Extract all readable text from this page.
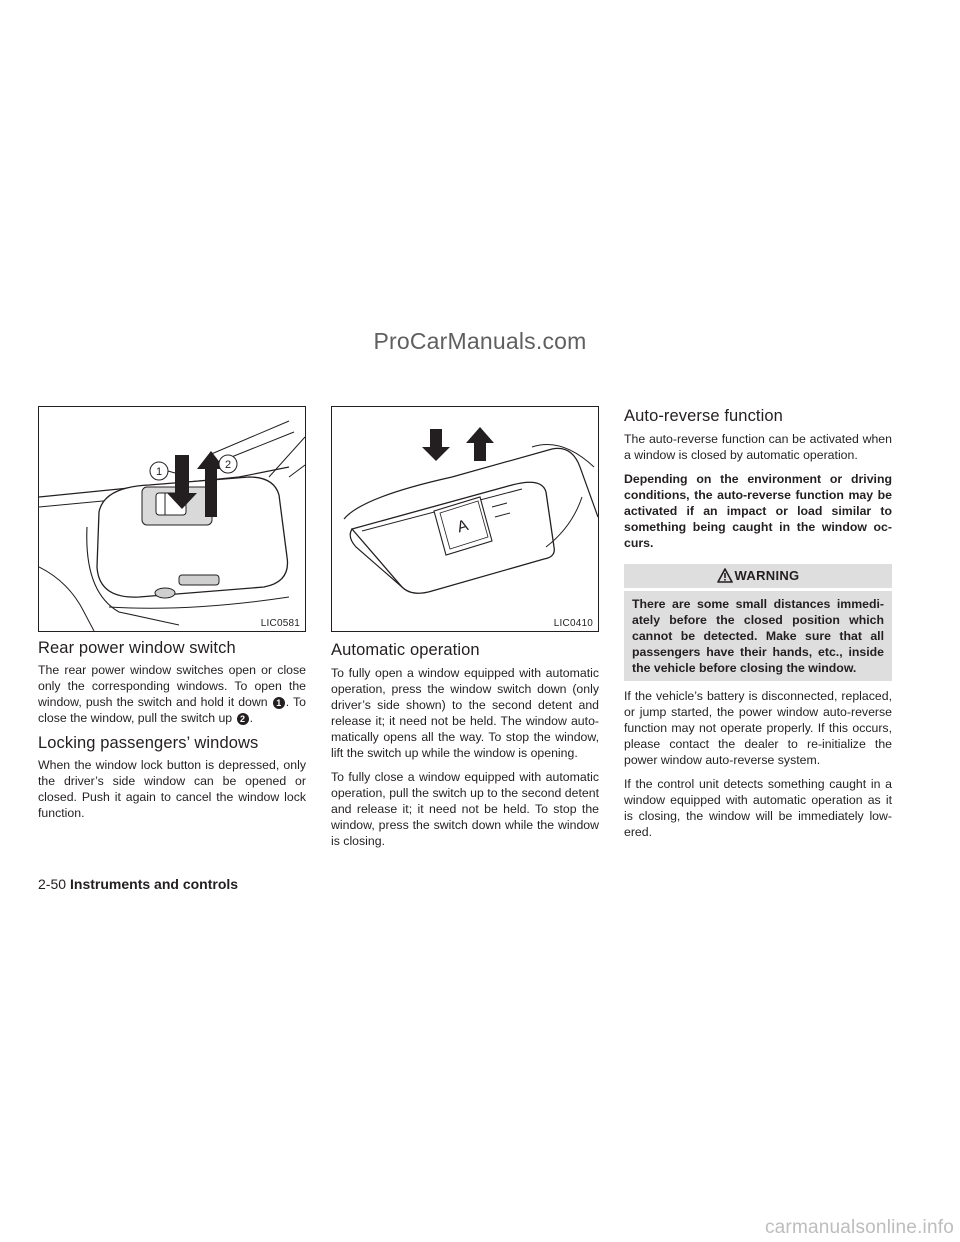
ProCarManuals.com
1
2
LIC0581
Rear power window switch

The rear power window switches open or close only the corresponding windows. To open the window, push the switch and hold it down 1 . To close the window, pull the switch up 2 .

Locking passengers’ windows

When the window lock button is depressed, only the driver’s side window can be opened or closed. Push it again to cancel the window lock function.

A
LIC0410
Automatic operation

To fully open a window equipped with automatic operation, press the window switch down (only driver’s side shown) to the second detent and release it; it need not be held. The window auto-matically opens all the way. To stop the window, lift the switch up while the window is opening.

To fully close a window equipped with automatic operation, pull the switch up to the second detent and release it; it need not be held. To stop the window, press the switch down while the window is closing.

Auto-reverse function

The auto-reverse function can be activated when a window is closed by automatic operation.

Depending on the environment or driving conditions, the auto-reverse function may be activated if an impact or load similar to something being caught in the window oc-curs.

WARNING
There are some small distances immedi-ately before the closed position which cannot be detected. Make sure that all passengers have their hands, etc., inside the vehicle before closing the window.

If the vehicle’s battery is disconnected, replaced, or jump started, the power window auto-reverse function may not operate properly. If this occurs, please contact the dealer to re-initialize the power window auto-reverse system.

If the control unit detects something caught in a window equipped with automatic operation as it is closing, the window will be immediately low-ered.

2-50 Instruments and controls
carmanualsonline.info
